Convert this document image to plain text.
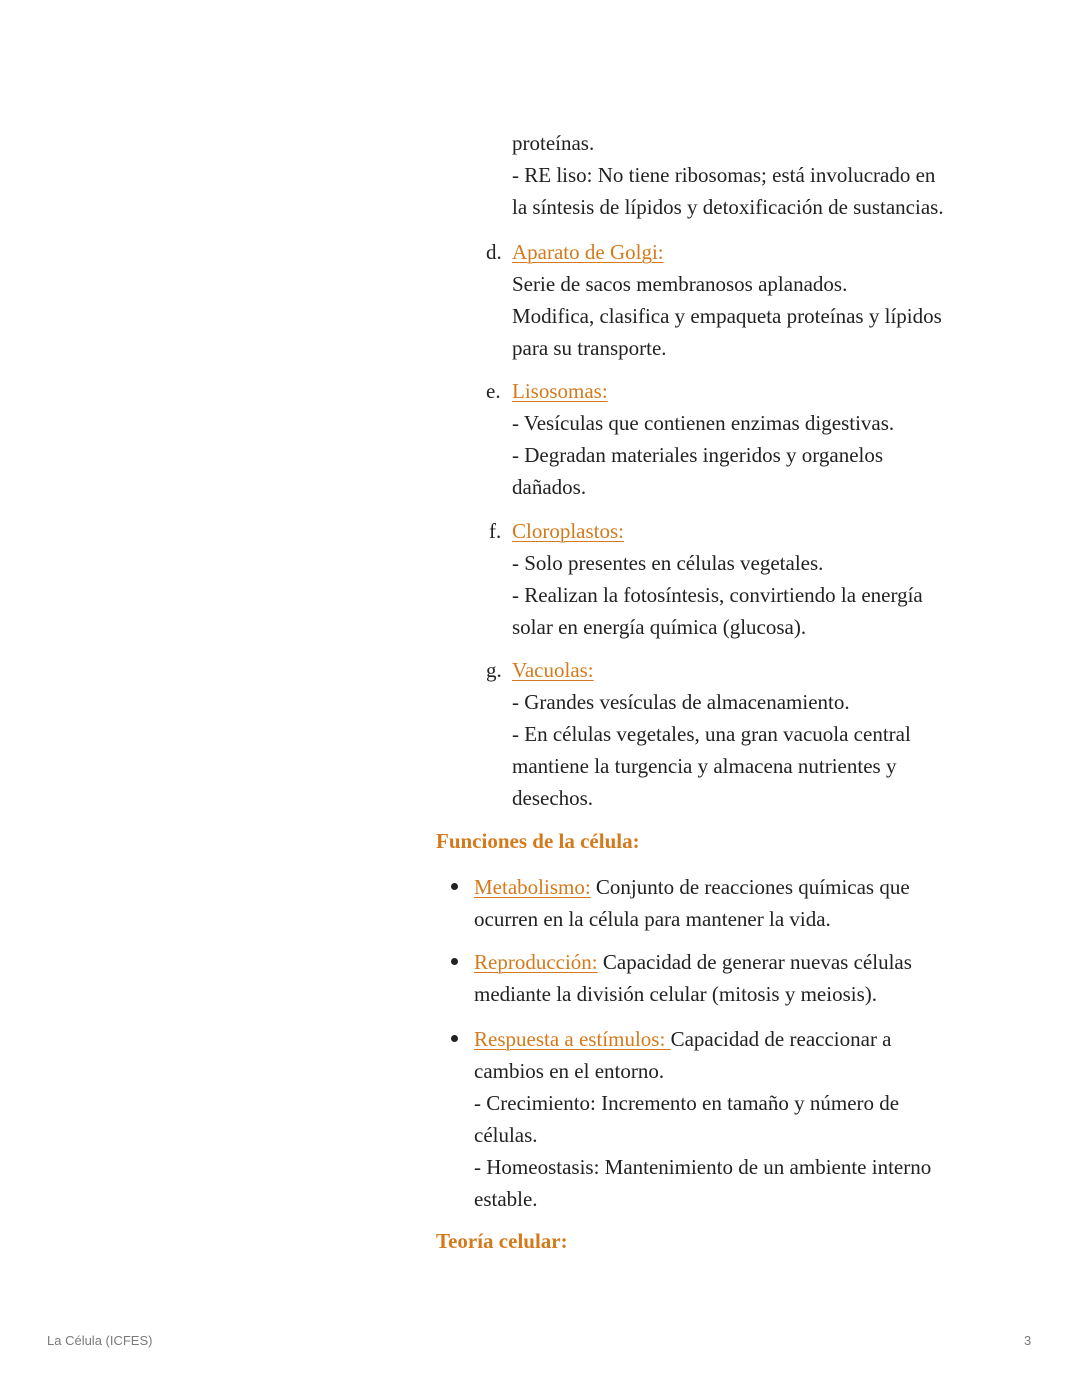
proteínas.
- RE liso: No tiene ribosomas; está involucrado en
la síntesis de lípidos y detoxificación de sustancias.
d. Aparato de Golgi:
Serie de sacos membranosos aplanados.
Modifica, clasifica y empaqueta proteínas y lípidos
para su transporte.
e. Lisosomas:
- Vesículas que contienen enzimas digestivas.
- Degradan materiales ingeridos y organelos
dañados.
f. Cloroplastos:
- Solo presentes en células vegetales.
- Realizan la fotosíntesis, convirtiendo la energía
solar en energía química (glucosa).
g. Vacuolas:
- Grandes vesículas de almacenamiento.
- En células vegetales, una gran vacuola central
mantiene la turgencia y almacena nutrientes y
desechos.
Funciones de la célula:
Metabolismo: Conjunto de reacciones químicas que
ocurren en la célula para mantener la vida.
Reproducción: Capacidad de generar nuevas células
mediante la división celular (mitosis y meiosis).
Respuesta a estímulos: Capacidad de reaccionar a
cambios en el entorno.
- Crecimiento: Incremento en tamaño y número de
células.
- Homeostasis: Mantenimiento de un ambiente interno
estable.
Teoría celular:
La Célula (ICFES)	3
